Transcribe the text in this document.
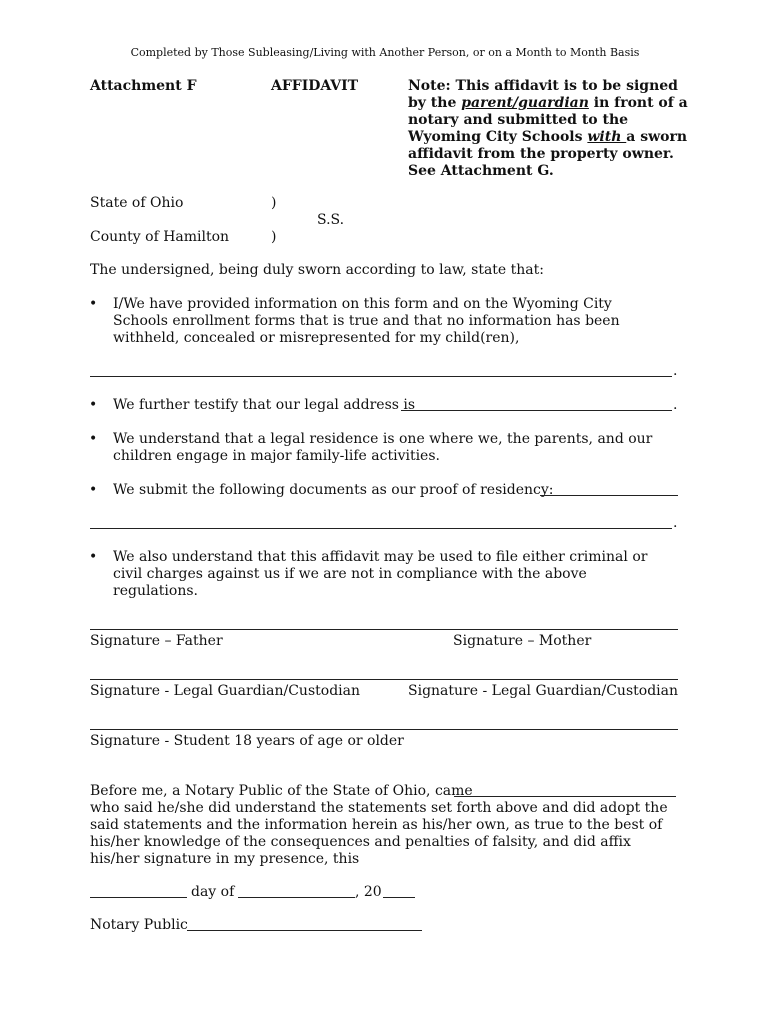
Completed by Those Subleasing/Living with Another Person, or on a Month to Month Basis
Attachment F	AFFIDAVIT	Note: This affidavit is to be signed by the parent/guardian in front of a notary and submitted to the Wyoming City Schools with a sworn affidavit from the property owner. See Attachment G.
State of Ohio	)
S.S.
County of Hamilton	)
The undersigned, being duly sworn according to law, state that:
• I/We have provided information on this form and on the Wyoming City Schools enrollment forms that is true and that no information has been withheld, concealed or misrepresented for my child(ren),
.
• We further testify that our legal address is	.
• We understand that a legal residence is one where we, the parents, and our children engage in major family-life activities.
• We submit the following documents as our proof of residency:
.
• We also understand that this affidavit may be used to file either criminal or civil charges against us if we are not in compliance with the above regulations.
Signature – Father	Signature – Mother
Signature - Legal Guardian/Custodian	Signature - Legal Guardian/Custodian
Signature - Student 18 years of age or older
Before me, a Notary Public of the State of Ohio, came
who said he/she did understand the statements set forth above and did adopt the said statements and the information herein as his/her own, as true to the best of his/her knowledge of the consequences and penalties of falsity, and did affix his/her signature in my presence, this
day of	, 20
Notary Public
